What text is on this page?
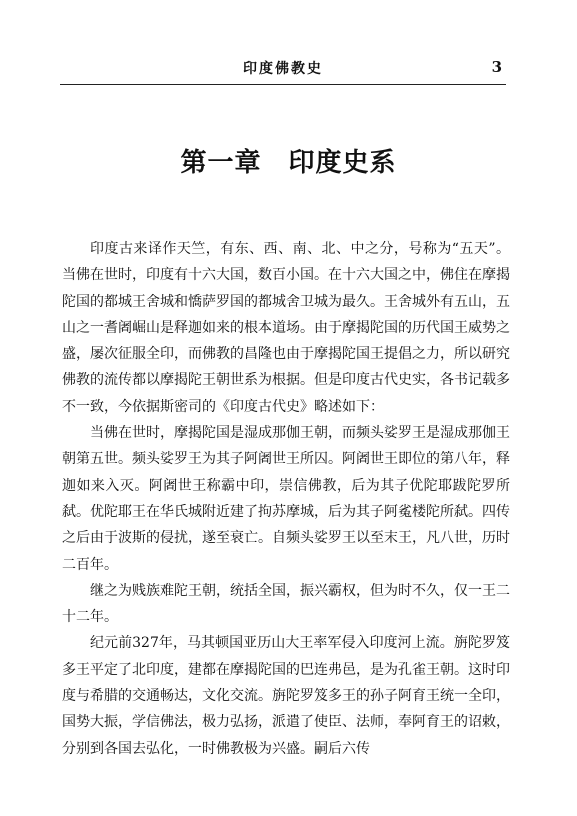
印度佛教史	3
第一章　印度史系

印度古来译作天竺，有东、西、南、北、中之分，号称为“五天”。当佛在世时，印度有十六大国，数百小国。在十六大国之中，佛住在摩揭陀国的都城王舍城和憍萨罗国的都城舍卫城为最久。王舍城外有五山，五山之一耆阇崛山是释迦如来的根本道场。由于摩揭陀国的历代国王威势之盛，屡次征服全印，而佛教的昌隆也由于摩揭陀国王提倡之力，所以研究佛教的流传都以摩揭陀王朝世系为根据。但是印度古代史实，各书记载多不一致，今依据斯密司的《印度古代史》略述如下：

当佛在世时，摩揭陀国是湿成那伽王朝，而频头娑罗王是湿成那伽王朝第五世。频头娑罗王为其子阿阇世王所囚。阿阇世王即位的第八年，释迦如来入灭。阿阇世王称霸中印，崇信佛教，后为其子优陀耶跋陀罗所弑。优陀耶王在华氏城附近建了拘苏摩城，后为其子阿㝹楼陀所弑。四传之后由于波斯的侵扰，遂至衰亡。自频头娑罗王以至末王，凡八世，历时二百年。

继之为贱族难陀王朝，统括全国，振兴霸权，但为时不久，仅一王二十二年。

纪元前327年，马其顿国亚历山大王率军侵入印度河上流。旃陀罗笈多王平定了北印度，建都在摩揭陀国的巴连弗邑，是为孔雀王朝。这时印度与希腊的交通畅达，文化交流。旃陀罗笈多王的孙子阿育王统一全印，国势大振，学信佛法，极力弘扬，派遣了使臣、法师，奉阿育王的诏敕，分别到各国去弘化，一时佛教极为兴盛。嗣后六传
